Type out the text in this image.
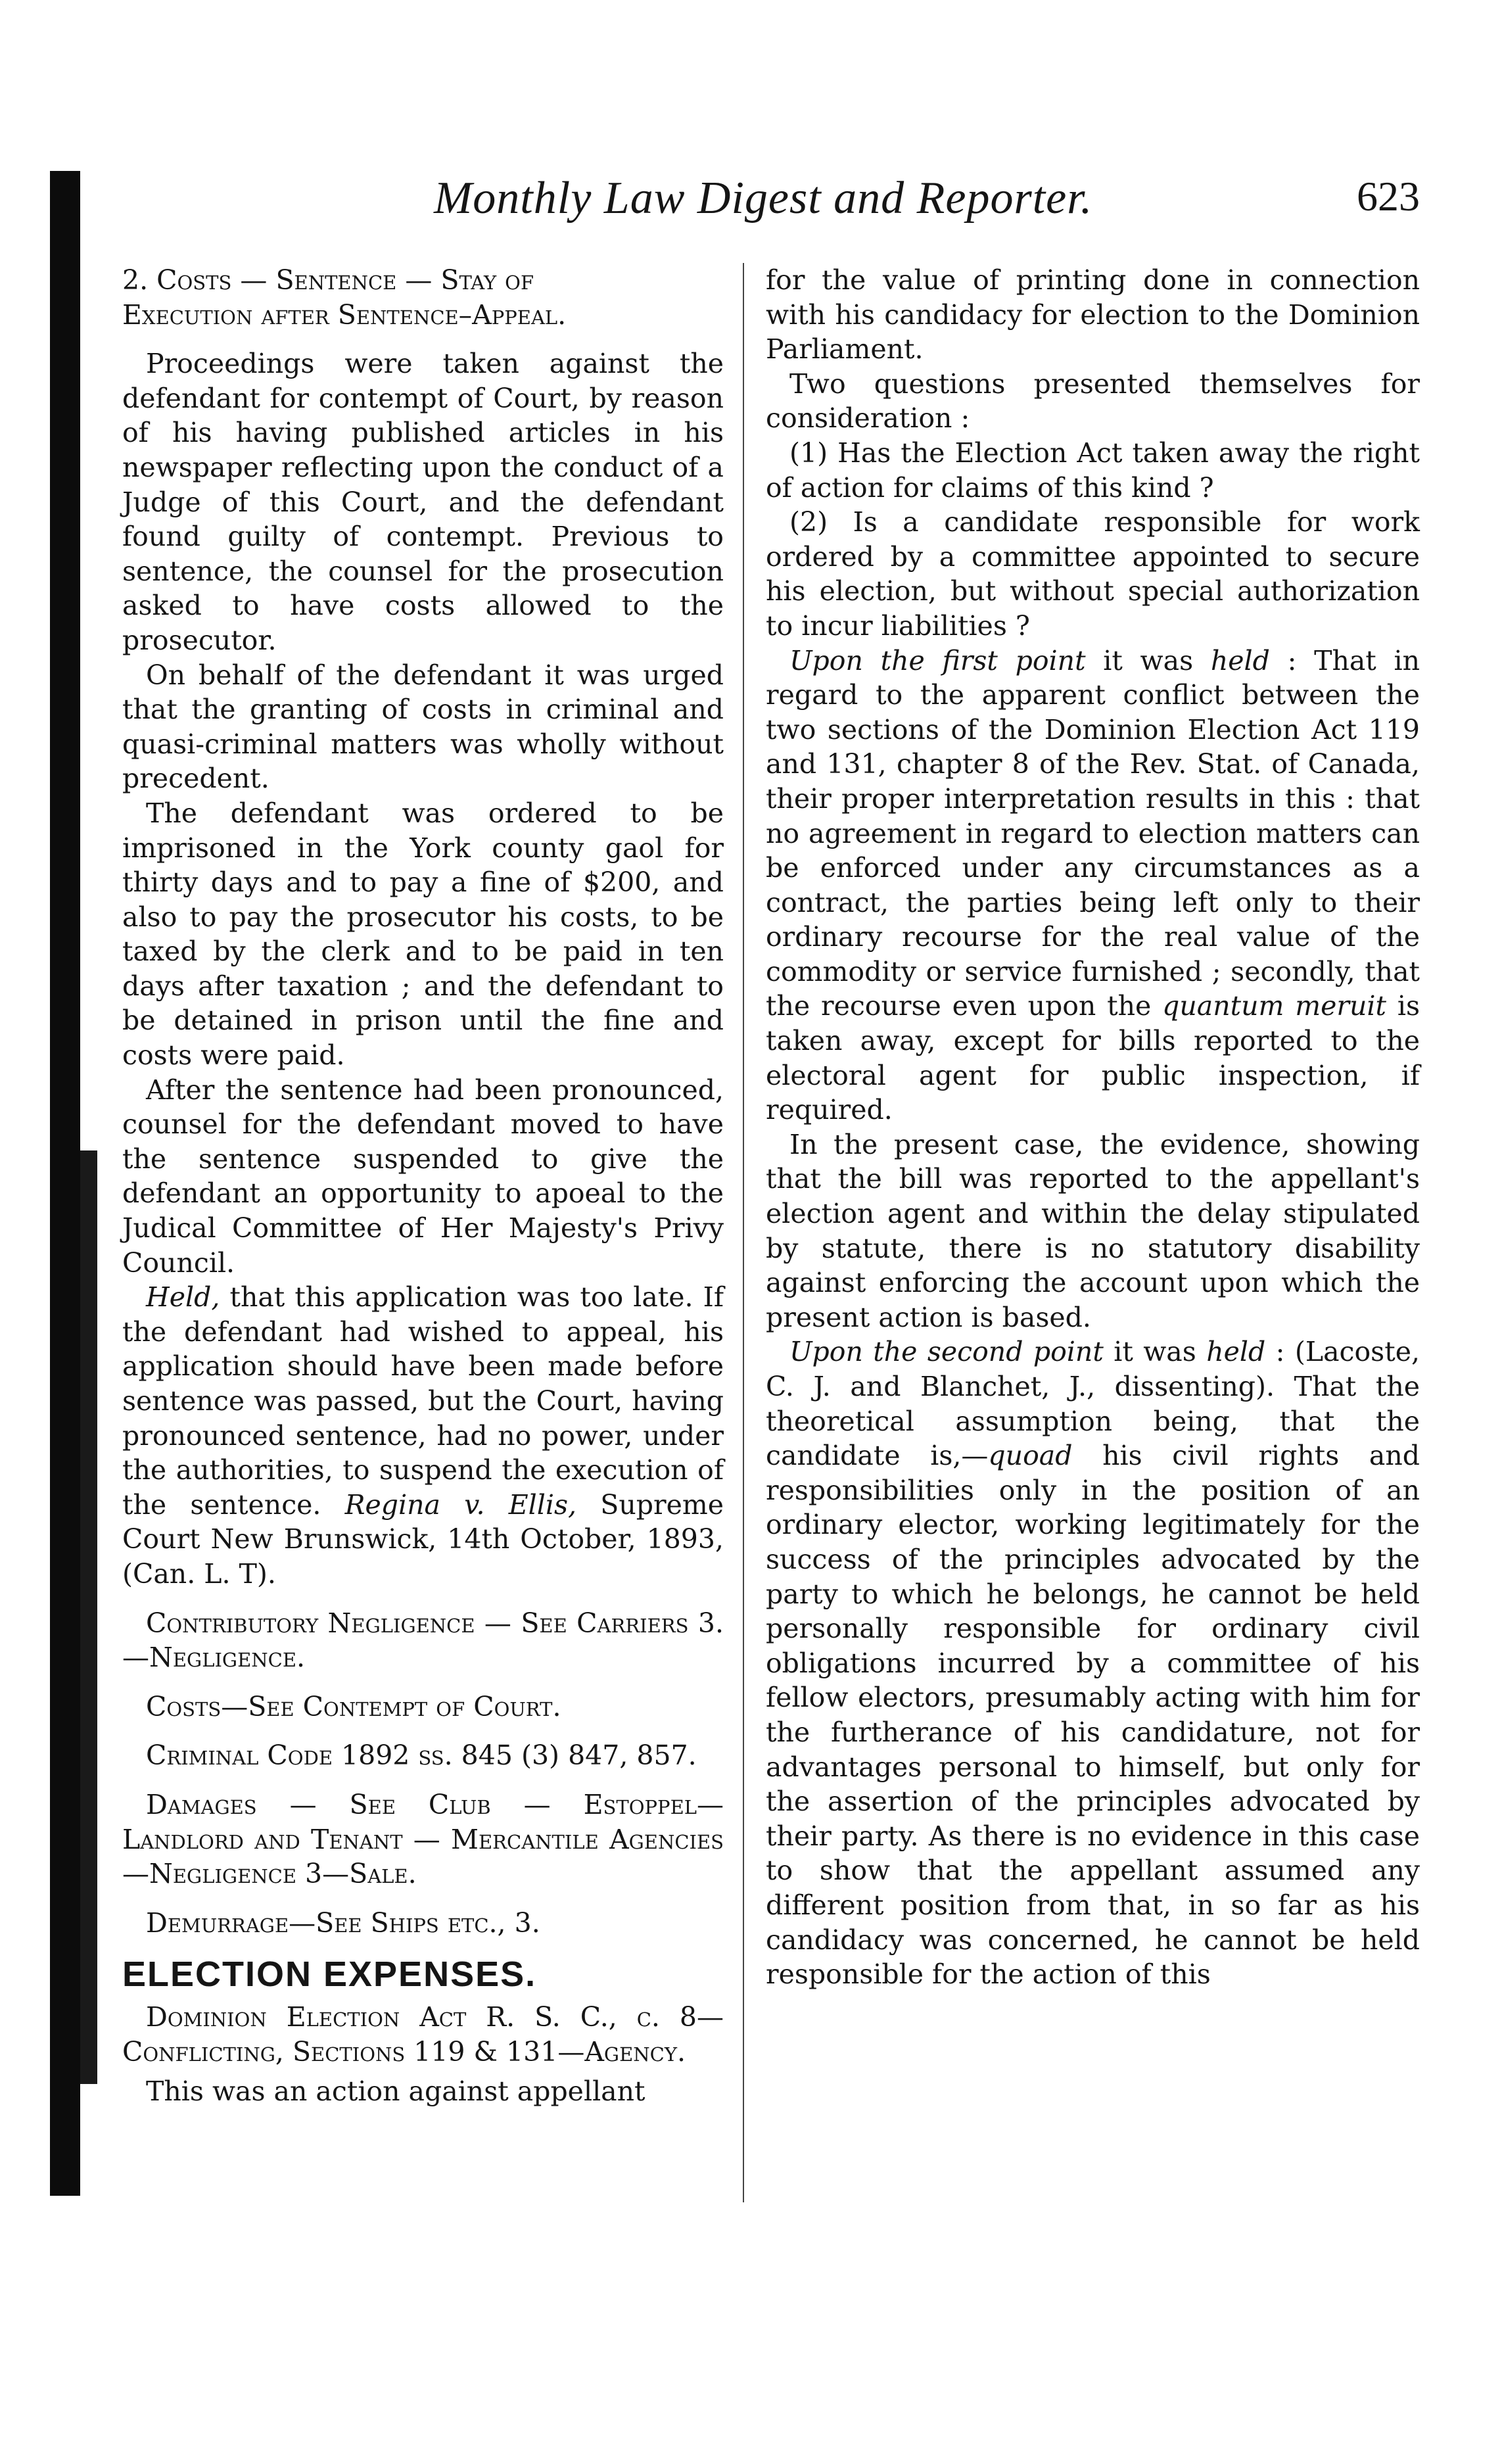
Monthly Law Digest and Reporter.	623

2. Costs — Sentence — Stay of

Execution after Sentence–Appeal.

Proceedings were taken against the defendant for contempt of Court, by reason of his having published articles in his newspaper reflecting upon the conduct of a Judge of this Court, and the defendant found guilty of contempt. Previous to sentence, the counsel for the prosecution asked to have costs allowed to the prosecutor.

On behalf of the defendant it was urged that the granting of costs in criminal and quasi-criminal matters was wholly without precedent.

The defendant was ordered to be imprisoned in the York county gaol for thirty days and to pay a fine of $200, and also to pay the prosecutor his costs, to be taxed by the clerk and to be paid in ten days after taxation ; and the defendant to be detained in prison until the fine and costs were paid.

After the sentence had been pronounced, counsel for the defendant moved to have the sentence suspended to give the defendant an opportunity to apoeal to the Judical Committee of Her Majesty's Privy Council.

Held, that this application was too late. If the defendant had wished to appeal, his application should have been made before sentence was passed, but the Court, having pronounced sentence, had no power, under the authorities, to suspend the execution of the sentence. Regina v. Ellis, Supreme Court New Brunswick, 14th October, 1893, (Can. L. T).

Contributory Negligence — See Carriers 3.—Negligence.

Costs—See Contempt of Court.

Criminal Code 1892 ss. 845 (3) 847, 857.

Damages — See Club — Estoppel— Landlord and Tenant — Mercantile Agencies—Negligence 3—Sale.

Demurrage—See Ships etc., 3.

ELECTION EXPENSES.

Dominion Election Act R. S. C., c. 8— Conflicting, Sections 119 & 131—Agency.

This was an action against appellant

for the value of printing done in connection with his candidacy for election to the Dominion Parliament.

Two questions presented themselves for consideration :

(1) Has the Election Act taken away the right of action for claims of this kind ?

(2) Is a candidate responsible for work ordered by a committee appointed to secure his election, but without special authorization to incur liabilities ?

Upon the first point it was held : That in regard to the apparent conflict between the two sections of the Dominion Election Act 119 and 131, chapter 8 of the Rev. Stat. of Canada, their proper interpretation results in this : that no agreement in regard to election matters can be enforced under any circumstances as a contract, the parties being left only to their ordinary recourse for the real value of the commodity or service furnished ; secondly, that the recourse even upon the quantum meruit is taken away, except for bills reported to the electoral agent for public inspection, if required.

In the present case, the evidence, showing that the bill was reported to the appellant's election agent and within the delay stipulated by statute, there is no statutory disability against enforcing the account upon which the present action is based.

Upon the second point it was held : (Lacoste, C. J. and Blanchet, J., dissenting). That the theoretical assumption being, that the candidate is,—quoad his civil rights and responsibilities only in the position of an ordinary elector, working legitimately for the success of the principles advocated by the party to which he belongs, he cannot be held personally responsible for ordinary civil obligations incurred by a committee of his fellow electors, presumably acting with him for the furtherance of his candidature, not for advantages personal to himself, but only for the assertion of the principles advocated by their party. As there is no evidence in this case to show that the appellant assumed any different position from that, in so far as his candidacy was concerned, he cannot be held responsible for the action of this
